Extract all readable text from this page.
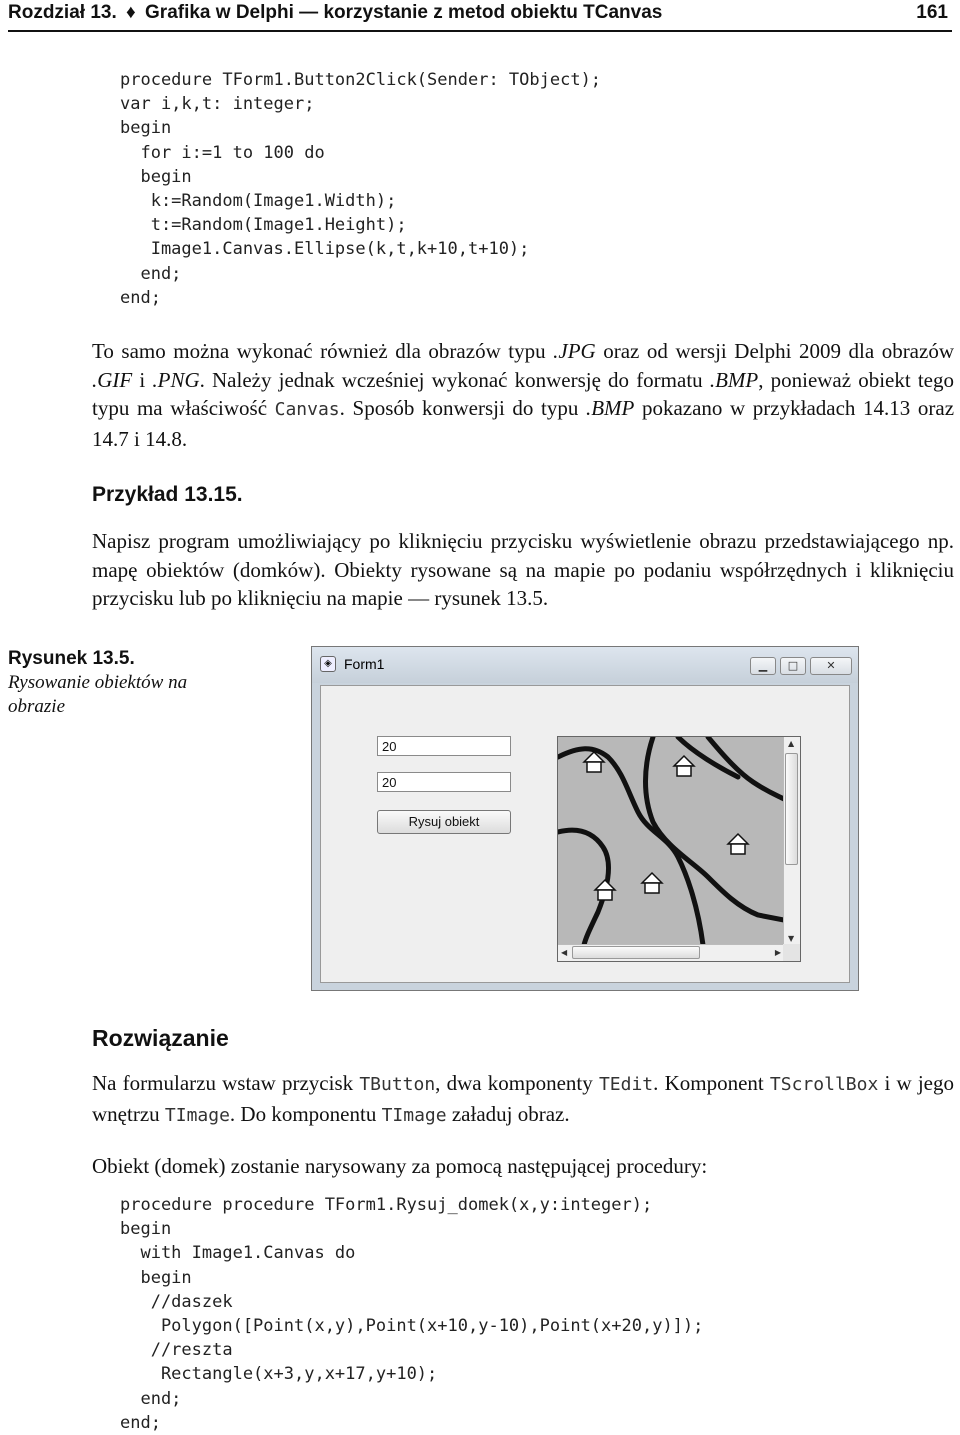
Rozdział 13. ♦ Grafika w Delphi — korzystanie z metod obiektu TCanvas	161
procedure TForm1.Button2Click(Sender: TObject);
var i,k,t: integer;
begin
for i:=1 to 100 do
begin
k:=Random(Image1.Width);
t:=Random(Image1.Height);
Image1.Canvas.Ellipse(k,t,k+10,t+10);
end;
end;
To samo można wykonać również dla obrazów typu .JPG oraz od wersji Delphi 2009 dla obrazów .GIF i .PNG. Należy jednak wcześniej wykonać konwersję do formatu .BMP, ponieważ obiekt tego typu ma właściwość Canvas. Sposób konwersji do typu .BMP pokazano w przykładach 14.13 oraz 14.7 i 14.8.
Przykład 13.15.
Napisz program umożliwiający po kliknięciu przycisku wyświetlenie obrazu przedstawiającego np. mapę obiektów (domków). Obiekty rysowane są na mapie po podaniu współrzędnych i kliknięciu przycisku lub po kliknięciu na mapie — rysunek 13.5.
Rysunek 13.5.
Rysowanie obiektów na obrazie
◈ Form1	▁	□	✕
20
20
Rysuj obiekt
▲
▼
◀	▶
Rozwiązanie
Na formularzu wstaw przycisk TButton, dwa komponenty TEdit. Komponent TScrollBox i w jego wnętrzu TImage. Do komponentu TImage załaduj obraz.
Obiekt (domek) zostanie narysowany za pomocą następującej procedury:
procedure procedure TForm1.Rysuj_domek(x,y:integer);
begin
with Image1.Canvas do
begin
//daszek
Polygon([Point(x,y),Point(x+10,y-10),Point(x+20,y)]);
//reszta
Rectangle(x+3,y,x+17,y+10);
end;
end;
